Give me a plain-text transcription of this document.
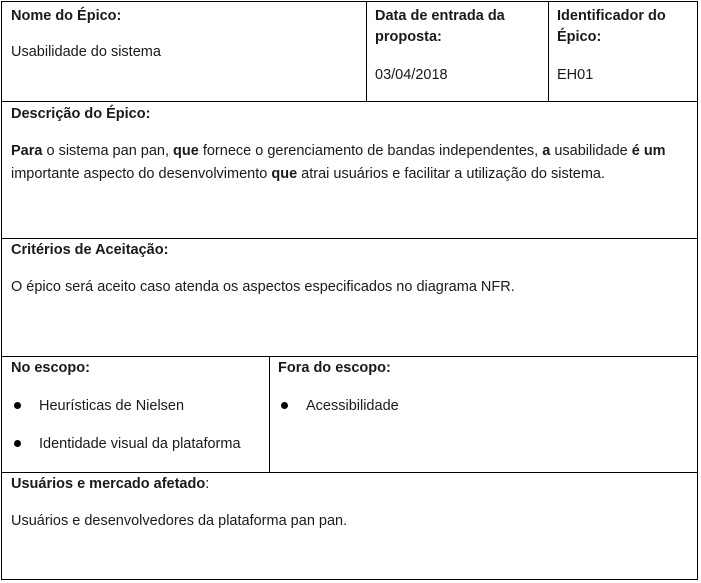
Nome do Épico:
Usabilidade do sistema
Data de entrada da
proposta:
03/04/2018
Identificador do
Épico:
EH01
Descrição do Épico:
Para o sistema pan pan, que fornece o gerenciamento de bandas independentes, a usabilidade é um importante aspecto do desenvolvimento que atrai usuários e facilitar a utilização do sistema.
Critérios de Aceitação:
O épico será aceito caso atenda os aspectos especificados no diagrama NFR.
No escopo:
Heurísticas de Nielsen
Identidade visual da plataforma
Fora do escopo:
Acessibilidade
Usuários e mercado afetado:
Usuários e desenvolvedores da plataforma pan pan.
